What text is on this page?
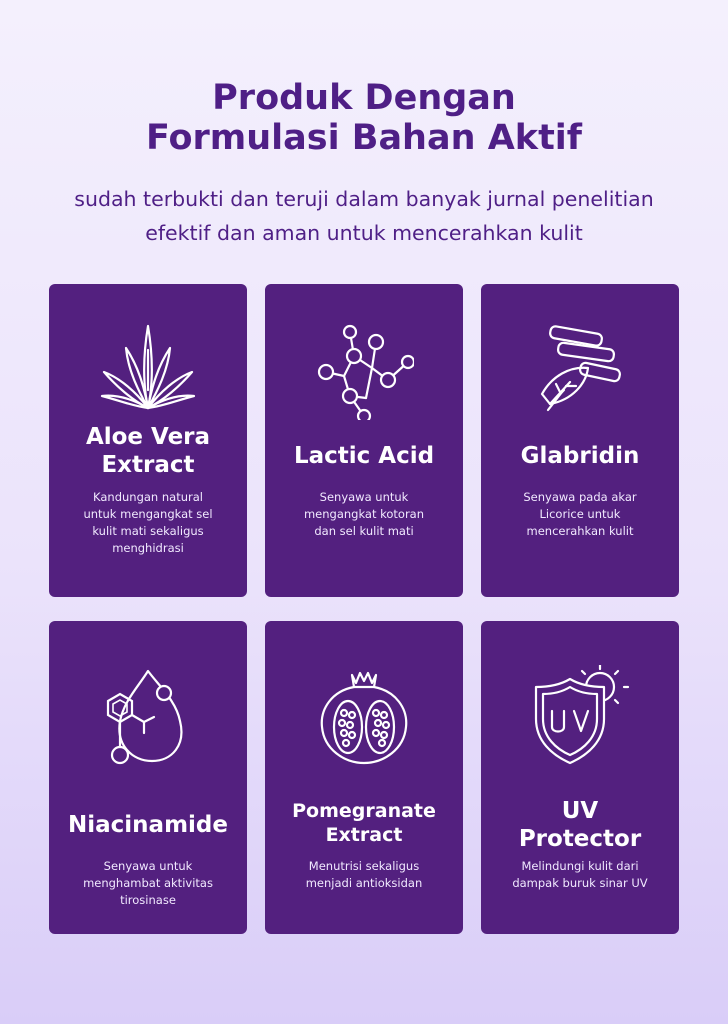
Produk Dengan
Formulasi Bahan Aktif
sudah terbukti dan teruji dalam banyak jurnal penelitian
efektif dan aman untuk mencerahkan kulit
Aloe Vera
Extract
Kandungan natural
untuk mengangkat sel
kulit mati sekaligus
menghidrasi
Lactic Acid
Senyawa untuk
mengangkat kotoran
dan sel kulit mati
Glabridin
Senyawa pada akar
Licorice untuk
mencerahkan kulit
Niacinamide
Senyawa untuk
menghambat aktivitas
tirosinase
Pomegranate
Extract
Menutrisi sekaligus
menjadi antioksidan
UV
Protector
Melindungi kulit dari
dampak buruk sinar UV
